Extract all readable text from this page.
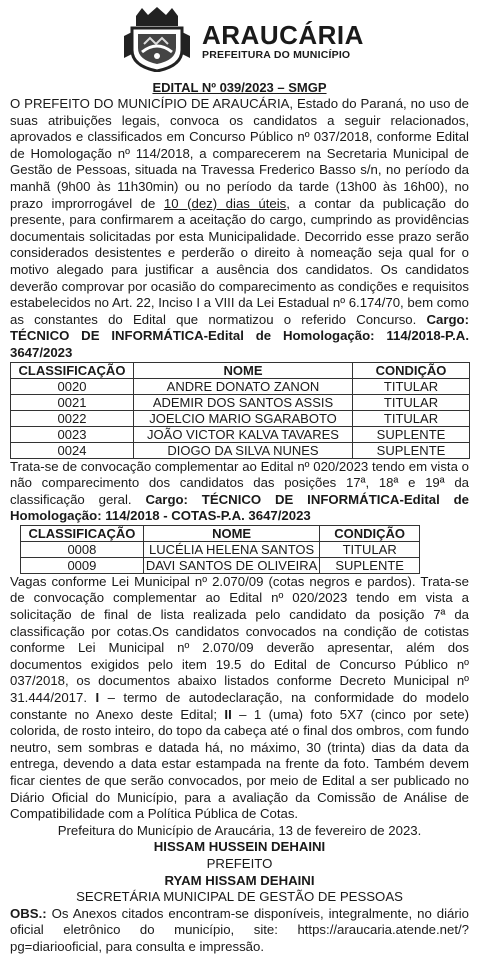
ARAUCÁRIA
PREFEITURA DO MUNICÍPIO
EDITAL Nº 039/2023 – SMGP

O PREFEITO DO MUNICÍPIO DE ARAUCÁRIA, Estado do Paraná, no uso de suas atribuições legais, convoca os candidatos a seguir relacionados, aprovados e classificados em Concurso Público nº 037/2018, conforme Edital de Homologação nº 114/2018, a comparecerem na Secretaria Municipal de Gestão de Pessoas, situada na Travessa Frederico Basso s/n, no período da manhã (9h00 às 11h30min) ou no período da tarde (13h00 às 16h00), no prazo improrrogável de 10 (dez) dias úteis, a contar da publicação do presente, para confirmarem a aceitação do cargo, cumprindo as providências documentais solicitadas por esta Municipalidade. Decorrido esse prazo serão considerados desistentes e perderão o direito à nomeação seja qual for o motivo alegado para justificar a ausência dos candidatos. Os candidatos deverão comprovar por ocasião do comparecimento as condições e requisitos estabelecidos no Art. 22, Inciso I a VIII da Lei Estadual nº 6.174/70, bem como as constantes do Edital que normatizou o referido Concurso. Cargo: TÉCNICO DE INFORMÁTICA-Edital de Homologação: 114/2018-P.A. 3647/2023

CLASSIFICAÇÃO	NOME	CONDIÇÃO
0020	ANDRE DONATO ZANON	TITULAR
0021	ADEMIR DOS SANTOS ASSIS	TITULAR
0022	JOELCIO MARIO SGARABOTO	TITULAR
0023	JOÃO VICTOR KALVA TAVARES	SUPLENTE
0024	DIOGO DA SILVA NUNES	SUPLENTE

Trata-se de convocação complementar ao Edital nº 020/2023 tendo em vista o não comparecimento dos candidatos das posições 17ª, 18ª e 19ª da classificação geral. Cargo: TÉCNICO DE INFORMÁTICA-Edital de Homologação: 114/2018 - COTAS-P.A. 3647/2023

CLASSIFICAÇÃO	NOME	CONDIÇÃO
0008	LUCÉLIA HELENA SANTOS	TITULAR
0009	DAVI SANTOS DE OLIVEIRA	SUPLENTE

Vagas conforme Lei Municipal nº 2.070/09 (cotas negros e pardos). Trata-se de convocação complementar ao Edital nº 020/2023 tendo em vista a solicitação de final de lista realizada pelo candidato da posição 7ª da classificação por cotas.Os candidatos convocados na condição de cotistas conforme Lei Municipal nº 2.070/09 deverão apresentar, além dos documentos exigidos pelo item 19.5 do Edital de Concurso Público nº 037/2018, os documentos abaixo listados conforme Decreto Municipal nº 31.444/2017. I – termo de autodeclaração, na conformidade do modelo constante no Anexo deste Edital; II – 1 (uma) foto 5X7 (cinco por sete) colorida, de rosto inteiro, do topo da cabeça até o final dos ombros, com fundo neutro, sem sombras e datada há, no máximo, 30 (trinta) dias da data da entrega, devendo a data estar estampada na frente da foto. Também devem ficar cientes de que serão convocados, por meio de Edital a ser publicado no Diário Oficial do Município, para a avaliação da Comissão de Análise de Compatibilidade com a Política Pública de Cotas.

Prefeitura do Município de Araucária, 13 de fevereiro de 2023.
HISSAM HUSSEIN DEHAINI
PREFEITO
RYAM HISSAM DEHAINI
SECRETÁRIA MUNICIPAL DE GESTÃO DE PESSOAS

OBS.: Os Anexos citados encontram-se disponíveis, integralmente, no diário oficial eletrônico do município, site: https://araucaria.atende.net/?pg=diariooficial, para consulta e impressão.
